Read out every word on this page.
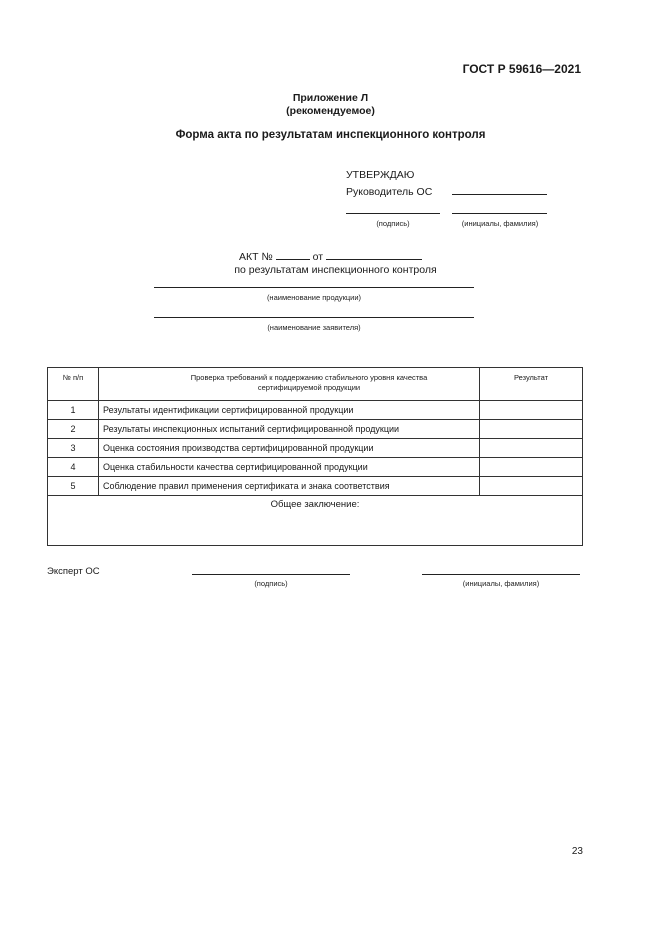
ГОСТ Р 59616—2021
Приложение Л
(рекомендуемое)
Форма акта по результатам инспекционного контроля
УТВЕРЖДАЮ
Руководитель ОС
(подпись)	(инициалы, фамилия)
АКТ №	от
по результатам инспекционного контроля
(наименование продукции)
(наименование заявителя)
№ п/п	Проверка требований к поддержанию стабильного уровня качества сертифицируемой продукции	Результат
1	Результаты идентификации сертифицированной продукции	
2	Результаты инспекционных испытаний сертифицированной продукции	
3	Оценка состояния производства сертифицированной продукции	
4	Оценка стабильности качества сертифицированной продукции	
5	Соблюдение правил применения сертификата и знака соответствия	
Общее заключение:		
Эксперт ОС
(подпись)	(инициалы, фамилия)
23
